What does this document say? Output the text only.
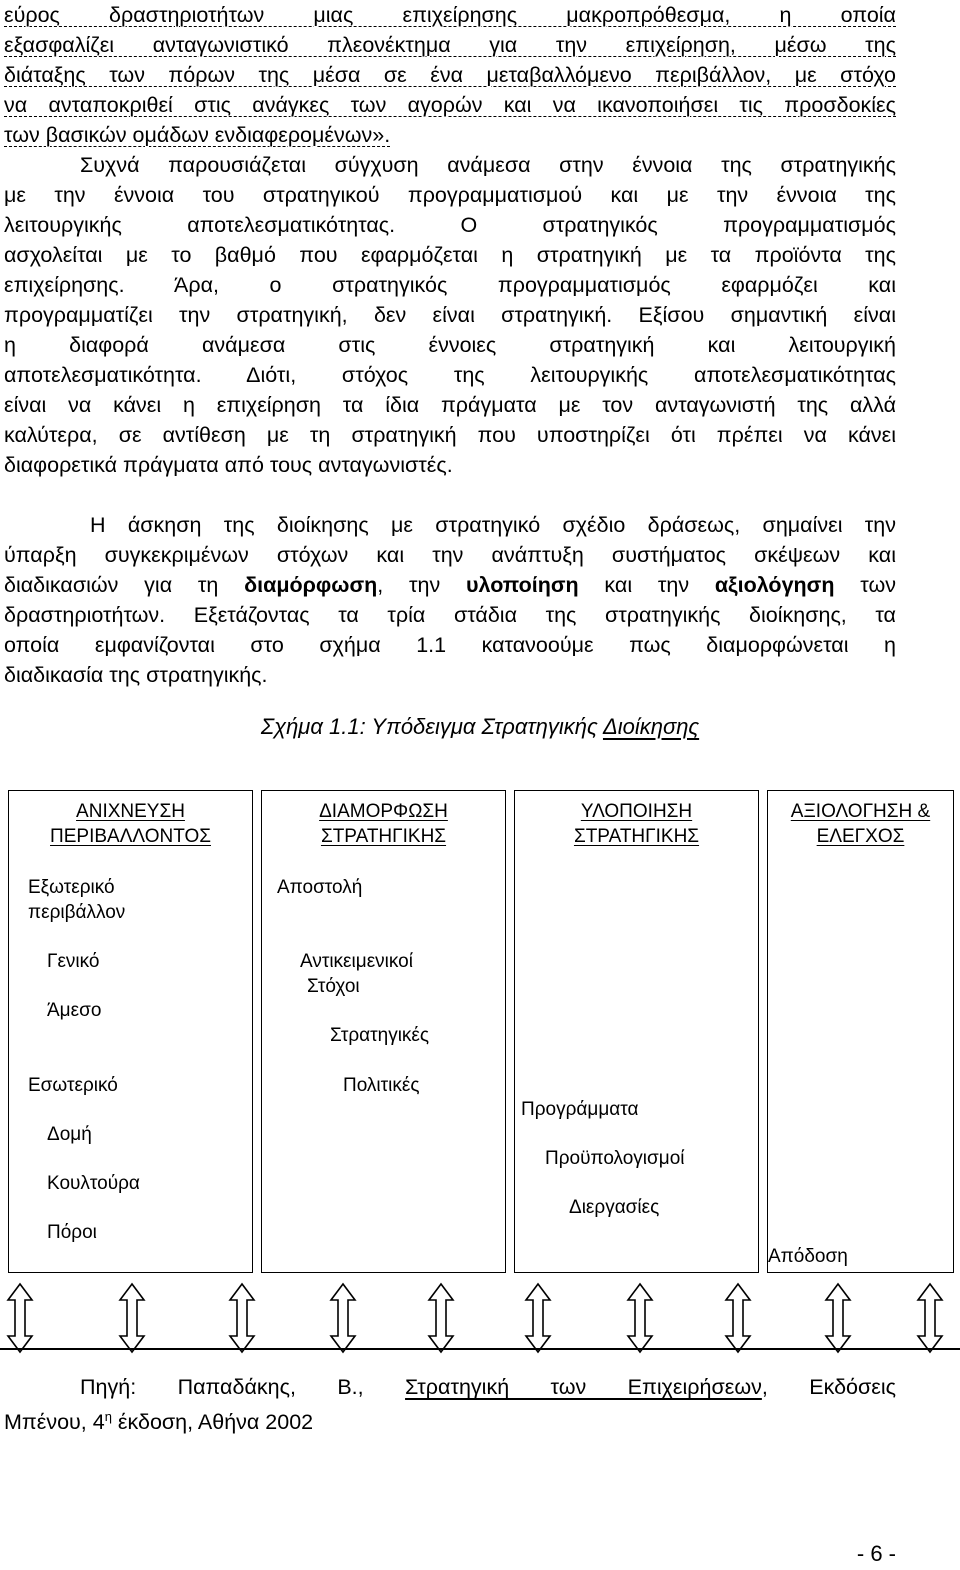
εύρος δραστηριοτήτων μιας επιχείρησης μακροπρόθεσμα, η οποία
εξασφαλίζει ανταγωνιστικό πλεονέκτημα για την επιχείρηση, μέσω της
διάταξης των πόρων της μέσα σε ένα μεταβαλλόμενο περιβάλλον, με στόχο
να ανταποκριθεί στις ανάγκες των αγορών και να ικανοποιήσει τις προσδοκίες
των βασικών ομάδων ενδιαφερομένων».
Συχνά παρουσιάζεται σύγχυση ανάμεσα στην έννοια της στρατηγικής
με την έννοια του στρατηγικού προγραμματισμού και με την έννοια της
λειτουργικής αποτελεσματικότητας. Ο στρατηγικός προγραμματισμός
ασχολείται με το βαθμό που εφαρμόζεται η στρατηγική με τα προϊόντα της
επιχείρησης. Άρα, ο στρατηγικός προγραμματισμός εφαρμόζει και
προγραμματίζει την στρατηγική, δεν είναι στρατηγική. Εξίσου σημαντική είναι
η διαφορά ανάμεσα στις έννοιες στρατηγική και λειτουργική
αποτελεσματικότητα. Διότι, στόχος της λειτουργικής αποτελεσματικότητας
είναι να κάνει η επιχείρηση τα ίδια πράγματα με τον ανταγωνιστή της αλλά
καλύτερα, σε αντίθεση με τη στρατηγική που υποστηρίζει ότι πρέπει να κάνει
διαφορετικά πράγματα από τους ανταγωνιστές.
Η άσκηση της διοίκησης με στρατηγικό σχέδιο δράσεως, σημαίνει την
ύπαρξη συγκεκριμένων στόχων και την ανάπτυξη συστήματος σκέψεων και
διαδικασιών για τη διαμόρφωση, την υλοποίηση και την αξιολόγηση των
δραστηριοτήτων. Εξετάζοντας τα τρία στάδια της στρατηγικής διοίκησης, τα
οποία εμφανίζονται στο σχήμα 1.1 κατανοούμε πως διαμορφώνεται η
διαδικασία της στρατηγικής.
Σχήμα 1.1: Υπόδειγμα Στρατηγικής Διοίκησης
ΑΝΙΧΝΕΥΣΗ
ΠΕΡΙΒΑΛΛΟΝΤΟΣ
Εξωτερικό
περιβάλλον
Γενικό
Άμεσο
Εσωτερικό
Δομή
Κουλτούρα
Πόροι
ΔΙΑΜΟΡΦΩΣΗ
ΣΤΡΑΤΗΓΙΚΗΣ
Αποστολή
Αντικειμενικοί
Στόχοι
Στρατηγικές
Πολιτικές
ΥΛΟΠΟΙΗΣΗ
ΣΤΡΑΤΗΓΙΚΗΣ
Προγράμματα
Προϋπολογισμοί
Διεργασίες
ΑΞΙΟΛΟΓΗΣΗ &
ΕΛΕΓΧΟΣ
Απόδοση
Πηγή: Παπαδάκης, Β., Στρατηγική των Επιχειρήσεων, Εκδόσεις
Μπένου, $4^\eta$ έκδοση, Αθήνα 2002
- 6 -
